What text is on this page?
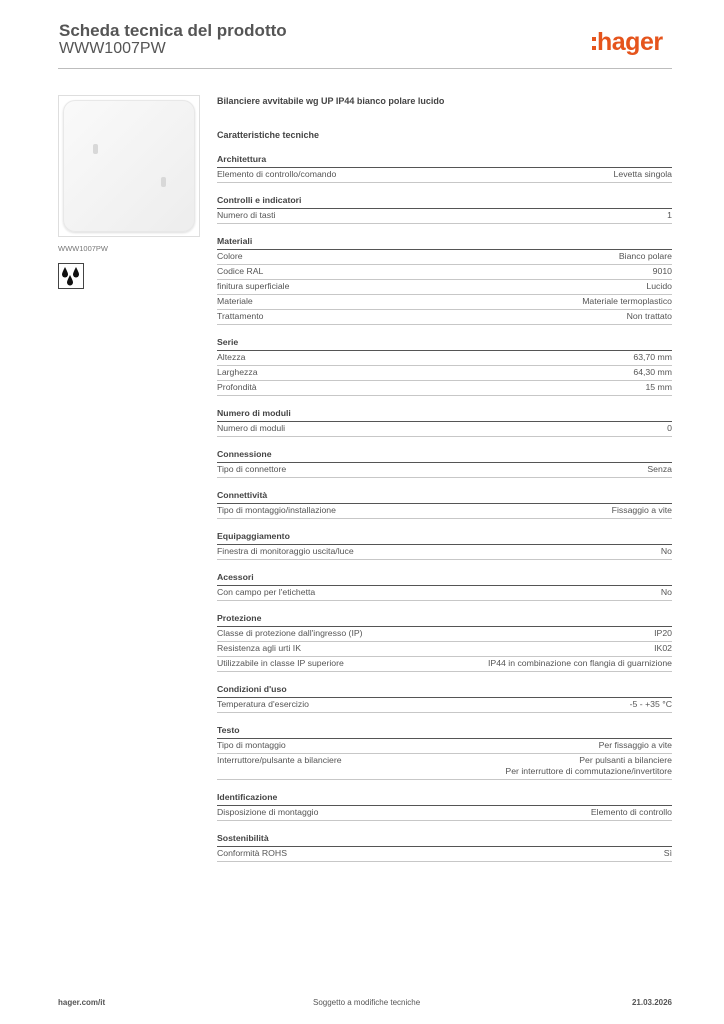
Scheda tecnica del prodotto
WWW1007PW	hager
WWW1007PW
Bilanciere avvitabile wg UP IP44 bianco polare lucido
Caratteristiche tecniche
Architettura
Elemento di controllo/comando	Levetta singola
Controlli e indicatori
Numero di tasti	1
Materiali
Colore	Bianco polare
Codice RAL	9010
finitura superficiale	Lucido
Materiale	Materiale termoplastico
Trattamento	Non trattato
Serie
Altezza	63,70 mm
Larghezza	64,30 mm
Profondità	15 mm
Numero di moduli
Numero di moduli	0
Connessione
Tipo di connettore	Senza
Connettività
Tipo di montaggio/installazione	Fissaggio a vite
Equipaggiamento
Finestra di monitoraggio uscita/luce	No
Acessori
Con campo per l'etichetta	No
Protezione
Classe di protezione dall'ingresso (IP)	IP20
Resistenza agli urti IK	IK02
Utilizzabile in classe IP superiore	IP44 in combinazione con flangia di guarnizione
Condizioni d'uso
Temperatura d'esercizio	-5 - +35 °C
Testo
Tipo di montaggio	Per fissaggio a vite
Interruttore/pulsante a bilanciere	Per pulsanti a bilanciere
Per interruttore di commutazione/invertitore
Identificazione
Disposizione di montaggio	Elemento di controllo
Sostenibilità
Conformità ROHS	Sì
hager.com/it	Soggetto a modifiche tecniche	21.03.2026
